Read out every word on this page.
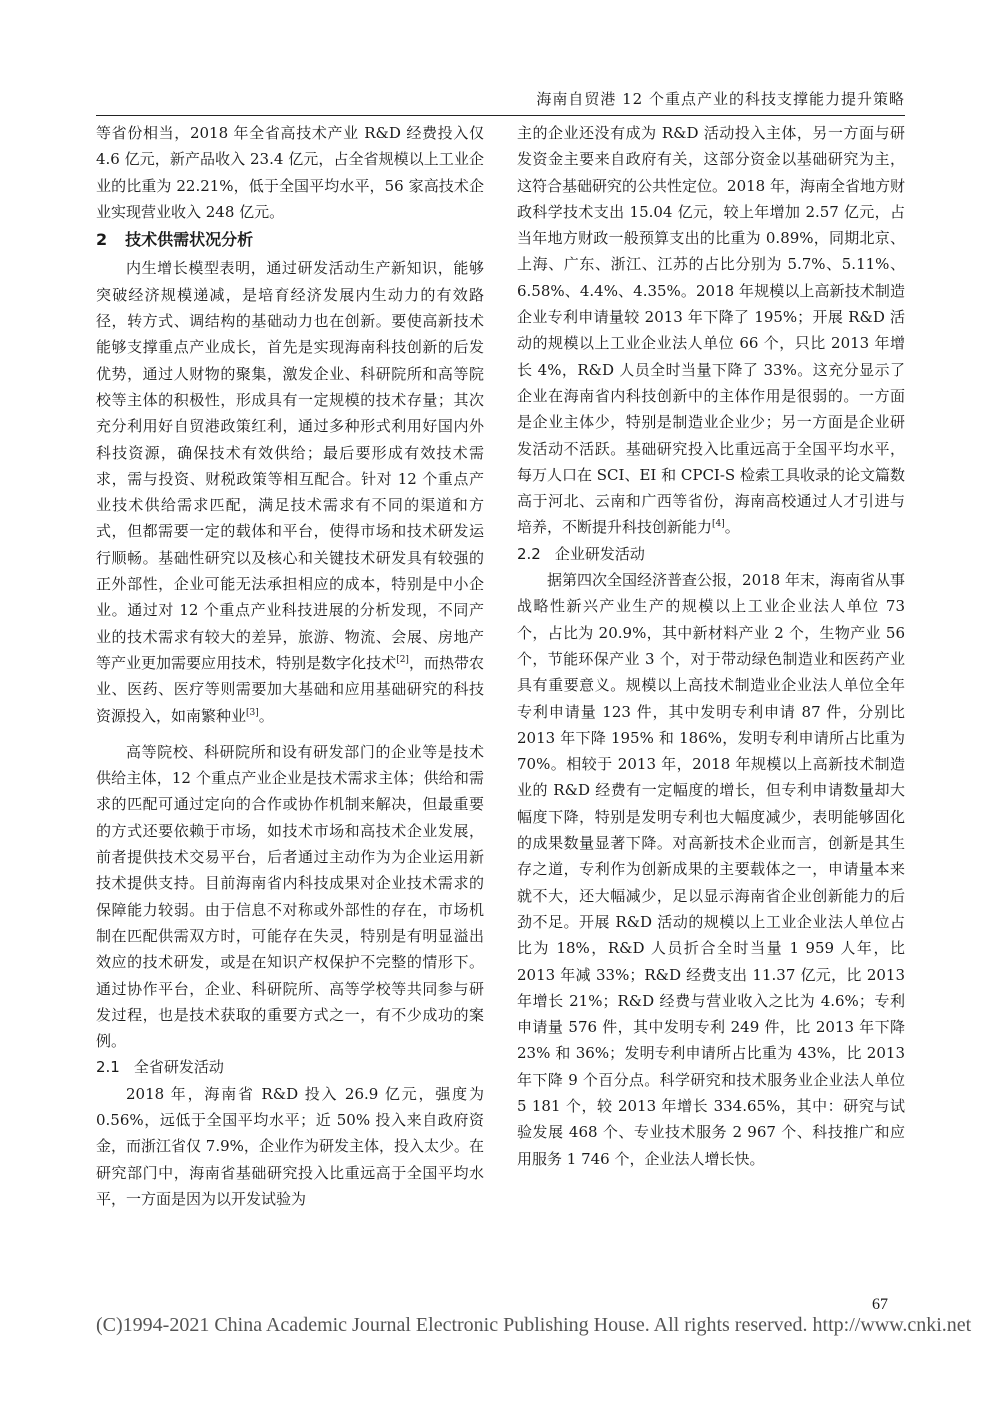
海南自贸港 12 个重点产业的科技支撑能力提升策略

等省份相当，2018 年全省高技术产业 R&D 经费投入仅 4.6 亿元，新产品收入 23.4 亿元，占全省规模以上工业企业的比重为 22.21%，低于全国平均水平，56 家高技术企业实现营业收入 248 亿元。

2 技术供需状况分析

内生增长模型表明，通过研发活动生产新知识，能够突破经济规模递减，是培育经济发展内生动力的有效路径，转方式、调结构的基础动力也在创新。要使高新技术能够支撑重点产业成长，首先是实现海南科技创新的后发优势，通过人财物的聚集，激发企业、科研院所和高等院校等主体的积极性，形成具有一定规模的技术存量；其次充分利用好自贸港政策红利，通过多种形式利用好国内外科技资源，确保技术有效供给；最后要形成有效技术需求，需与投资、财税政策等相互配合。针对 12 个重点产业技术供给需求匹配，满足技术需求有不同的渠道和方式，但都需要一定的载体和平台，使得市场和技术研发运行顺畅。基础性研究以及核心和关键技术研发具有较强的正外部性，企业可能无法承担相应的成本，特别是中小企业。通过对 12 个重点产业科技进展的分析发现，不同产业的技术需求有较大的差异，旅游、物流、会展、房地产等产业更加需要应用技术，特别是数字化技术[2]，而热带农业、医药、医疗等则需要加大基础和应用基础研究的科技资源投入，如南繁种业[3]。

高等院校、科研院所和设有研发部门的企业等是技术供给主体，12 个重点产业企业是技术需求主体；供给和需求的匹配可通过定向的合作或协作机制来解决，但最重要的方式还要依赖于市场，如技术市场和高技术企业发展，前者提供技术交易平台，后者通过主动作为为企业运用新技术提供支持。目前海南省内科技成果对企业技术需求的保障能力较弱。由于信息不对称或外部性的存在，市场机制在匹配供需双方时，可能存在失灵，特别是有明显溢出效应的技术研发，或是在知识产权保护不完整的情形下。通过协作平台，企业、科研院所、高等学校等共同参与研发过程，也是技术获取的重要方式之一，有不少成功的案例。

2.1 全省研发活动

2018 年，海南省 R&D 投入 26.9 亿元，强度为 0.56%，远低于全国平均水平；近 50% 投入来自政府资金，而浙江省仅 7.9%，企业作为研发主体，投入太少。在研究部门中，海南省基础研究投入比重远高于全国平均水平，一方面是因为以开发试验为

主的企业还没有成为 R&D 活动投入主体，另一方面与研发资金主要来自政府有关，这部分资金以基础研究为主，这符合基础研究的公共性定位。2018 年，海南全省地方财政科学技术支出 15.04 亿元，较上年增加 2.57 亿元，占当年地方财政一般预算支出的比重为 0.89%，同期北京、上海、广东、浙江、江苏的占比分别为 5.7%、5.11%、6.58%、4.4%、4.35%。2018 年规模以上高新技术制造企业专利申请量较 2013 年下降了 195%；开展 R&D 活动的规模以上工业企业法人单位 66 个，只比 2013 年增长 4%，R&D 人员全时当量下降了 33%。这充分显示了企业在海南省内科技创新中的主体作用是很弱的。一方面是企业主体少，特别是制造业企业少；另一方面是企业研发活动不活跃。基础研究投入比重远高于全国平均水平，每万人口在 SCI、EI 和 CPCI-S 检索工具收录的论文篇数高于河北、云南和广西等省份，海南高校通过人才引进与培养，不断提升科技创新能力[4]。

2.2 企业研发活动

据第四次全国经济普查公报，2018 年末，海南省从事战略性新兴产业生产的规模以上工业企业法人单位 73 个，占比为 20.9%，其中新材料产业 2 个，生物产业 56 个，节能环保产业 3 个，对于带动绿色制造业和医药产业具有重要意义。规模以上高技术制造业企业法人单位全年专利申请量 123 件，其中发明专利申请 87 件，分别比 2013 年下降 195% 和 186%，发明专利申请所占比重为 70%。相较于 2013 年，2018 年规模以上高新技术制造业的 R&D 经费有一定幅度的增长，但专利申请数量却大幅度下降，特别是发明专利也大幅度减少，表明能够固化的成果数量显著下降。对高新技术企业而言，创新是其生存之道，专利作为创新成果的主要载体之一，申请量本来就不大，还大幅减少，足以显示海南省企业创新能力的后劲不足。开展 R&D 活动的规模以上工业企业法人单位占比为 18%，R&D 人员折合全时当量 1 959 人年，比 2013 年减 33%；R&D 经费支出 11.37 亿元，比 2013 年增长 21%；R&D 经费与营业收入之比为 4.6%；专利申请量 576 件，其中发明专利 249 件，比 2013 年下降 23% 和 36%；发明专利申请所占比重为 43%，比 2013 年下降 9 个百分点。科学研究和技术服务业企业法人单位 5 181 个，较 2013 年增长 334.65%，其中：研究与试验发展 468 个、专业技术服务 2 967 个、科技推广和应用服务 1 746 个，企业法人增长快。

67
(C)1994-2021 China Academic Journal Electronic Publishing House. All rights reserved. http://www.cnki.net
